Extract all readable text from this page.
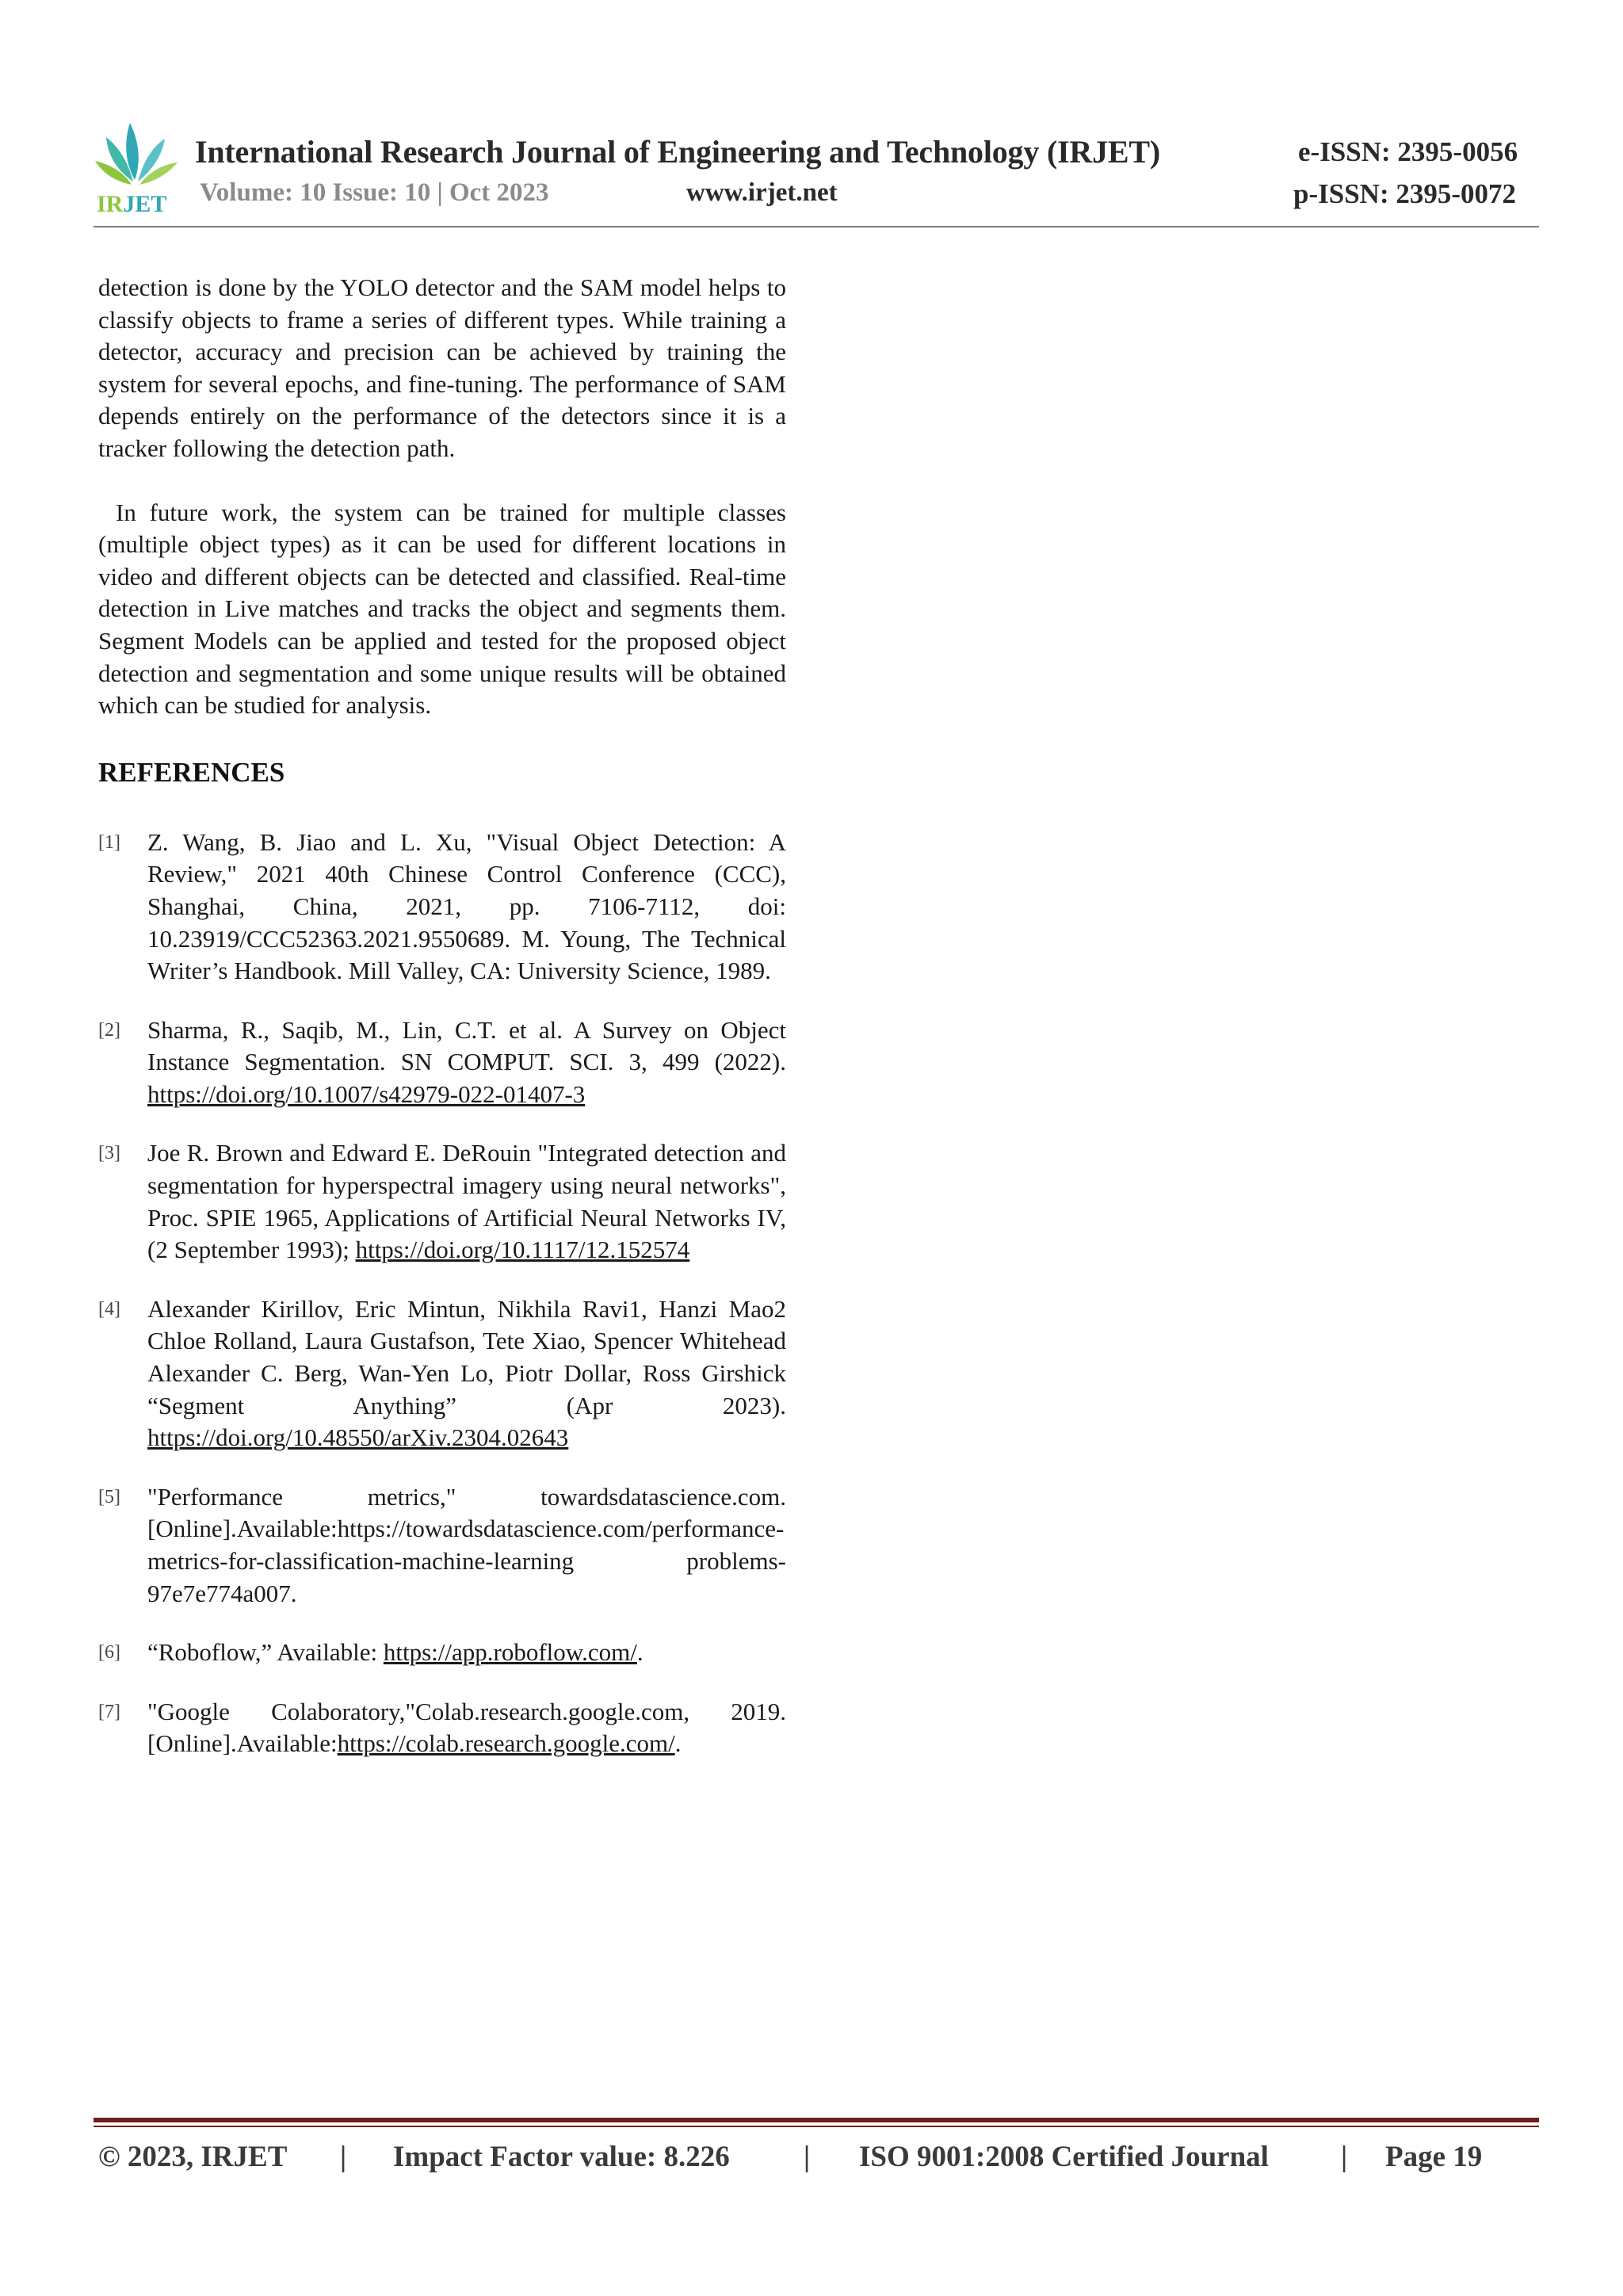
IRJET
International Research Journal of Engineering and Technology (IRJET)	e-ISSN: 2395-0056
Volume: 10 Issue: 10 | Oct 2023	www.irjet.net	p-ISSN: 2395-0072

detection is done by the YOLO detector and the SAM model helps to classify objects to frame a series of different types. While training a detector, accuracy and precision can be achieved by training the system for several epochs, and fine-tuning. The performance of SAM depends entirely on the performance of the detectors since it is a tracker following the detection path.

In future work, the system can be trained for multiple classes (multiple object types) as it can be used for different locations in video and different objects can be detected and classified. Real-time detection in Live matches and tracks the object and segments them. Segment Models can be applied and tested for the proposed object detection and segmentation and some unique results will be obtained which can be studied for analysis.

REFERENCES
[1]	Z. Wang, B. Jiao and L. Xu, "Visual Object Detection: A Review," 2021 40th Chinese Control Conference (CCC), Shanghai, China, 2021, pp. 7106-7112, doi: 10.23919/CCC52363.2021.9550689. M. Young, The Technical Writer’s Handbook. Mill Valley, CA: University Science, 1989.
[2]	Sharma, R., Saqib, M., Lin, C.T. et al. A Survey on Object Instance Segmentation. SN COMPUT. SCI. 3, 499 (2022). https://doi.org/10.1007/s42979-022-01407-3
[3]	Joe R. Brown and Edward E. DeRouin "Integrated detection and segmentation for hyperspectral imagery using neural networks", Proc. SPIE 1965, Applications of Artificial Neural Networks IV, (2 September 1993); https://doi.org/10.1117/12.152574
[4]	Alexander Kirillov, Eric Mintun, Nikhila Ravi1, Hanzi Mao2 Chloe Rolland, Laura Gustafson, Tete Xiao, Spencer Whitehead Alexander C. Berg, Wan-Yen Lo, Piotr Dollar, Ross Girshick “Segment Anything” (Apr 2023). https://doi.org/10.48550/arXiv.2304.02643
[5]	"Performance metrics," towardsdatascience.com. [Online].Available:https://towardsdatascience.com/performance-metrics-for-classification-machine-learning problems-97e7e774a007.
[6]	“Roboflow,” Available: https://app.roboflow.com/.
[7]	"Google Colaboratory,"Colab.research.google.com, 2019.[Online].Available:https://colab.research.google.com/.
© 2023, IRJET | Impact Factor value: 8.226	| ISO 9001:2008 Certified Journal | Page 19
